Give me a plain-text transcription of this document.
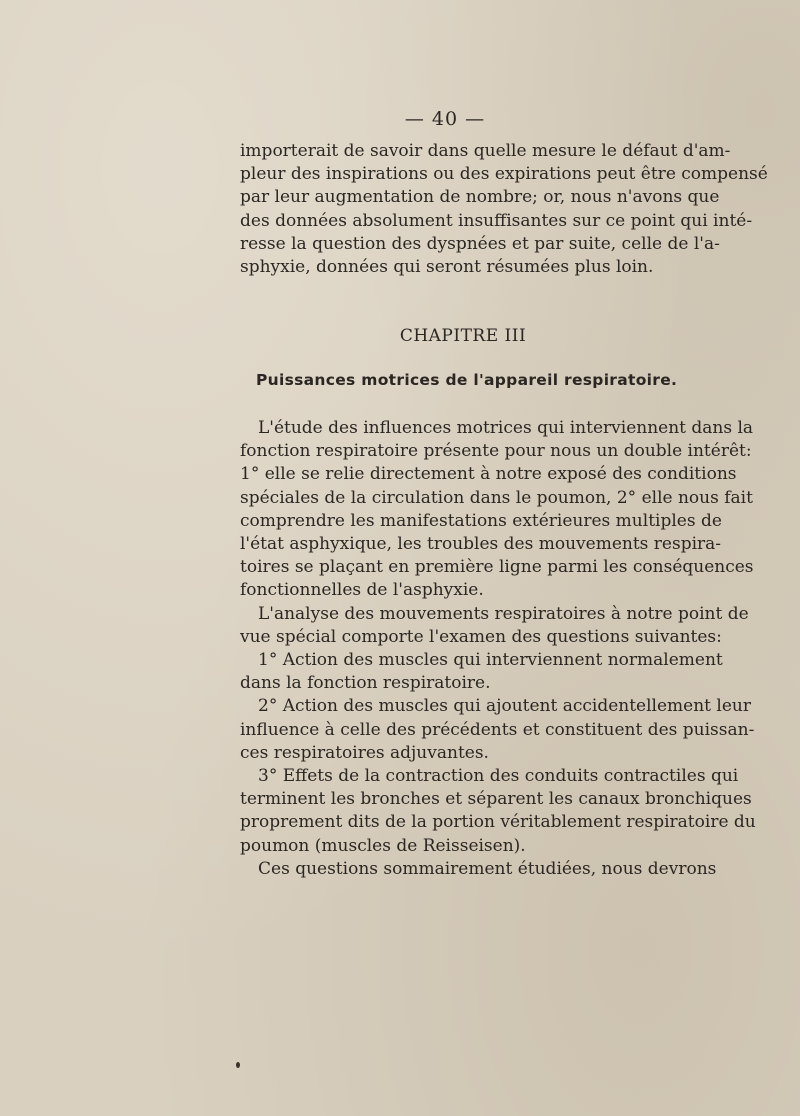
— 40 —
importerait de savoir dans quelle mesure le défaut d'am-
pleur des inspirations ou des expirations peut être compensé
par leur augmentation de nombre; or, nous n'avons que
des données absolument insuffisantes sur ce point qui inté-
resse la question des dyspnées et par suite, celle de l'a-
sphyxie, données qui seront résumées plus loin.
CHAPITRE III
Puissances motrices de l'appareil respiratoire.
L'étude des influences motrices qui interviennent dans la
fonction respiratoire présente pour nous un double intérêt:
1° elle se relie directement à notre exposé des conditions
spéciales de la circulation dans le poumon, 2° elle nous fait
comprendre les manifestations extérieures multiples de
l'état asphyxique, les troubles des mouvements respira-
toires se plaçant en première ligne parmi les conséquences
fonctionnelles de l'asphyxie.
L'analyse des mouvements respiratoires à notre point de
vue spécial comporte l'examen des questions suivantes:
1° Action des muscles qui interviennent normalement
dans la fonction respiratoire.
2° Action des muscles qui ajoutent accidentellement leur
influence à celle des précédents et constituent des puissan-
ces respiratoires adjuvantes.
3° Effets de la contraction des conduits contractiles qui
terminent les bronches et séparent les canaux bronchiques
proprement dits de la portion véritablement respiratoire du
poumon (muscles de Reisseisen).
Ces questions sommairement étudiées, nous devrons
